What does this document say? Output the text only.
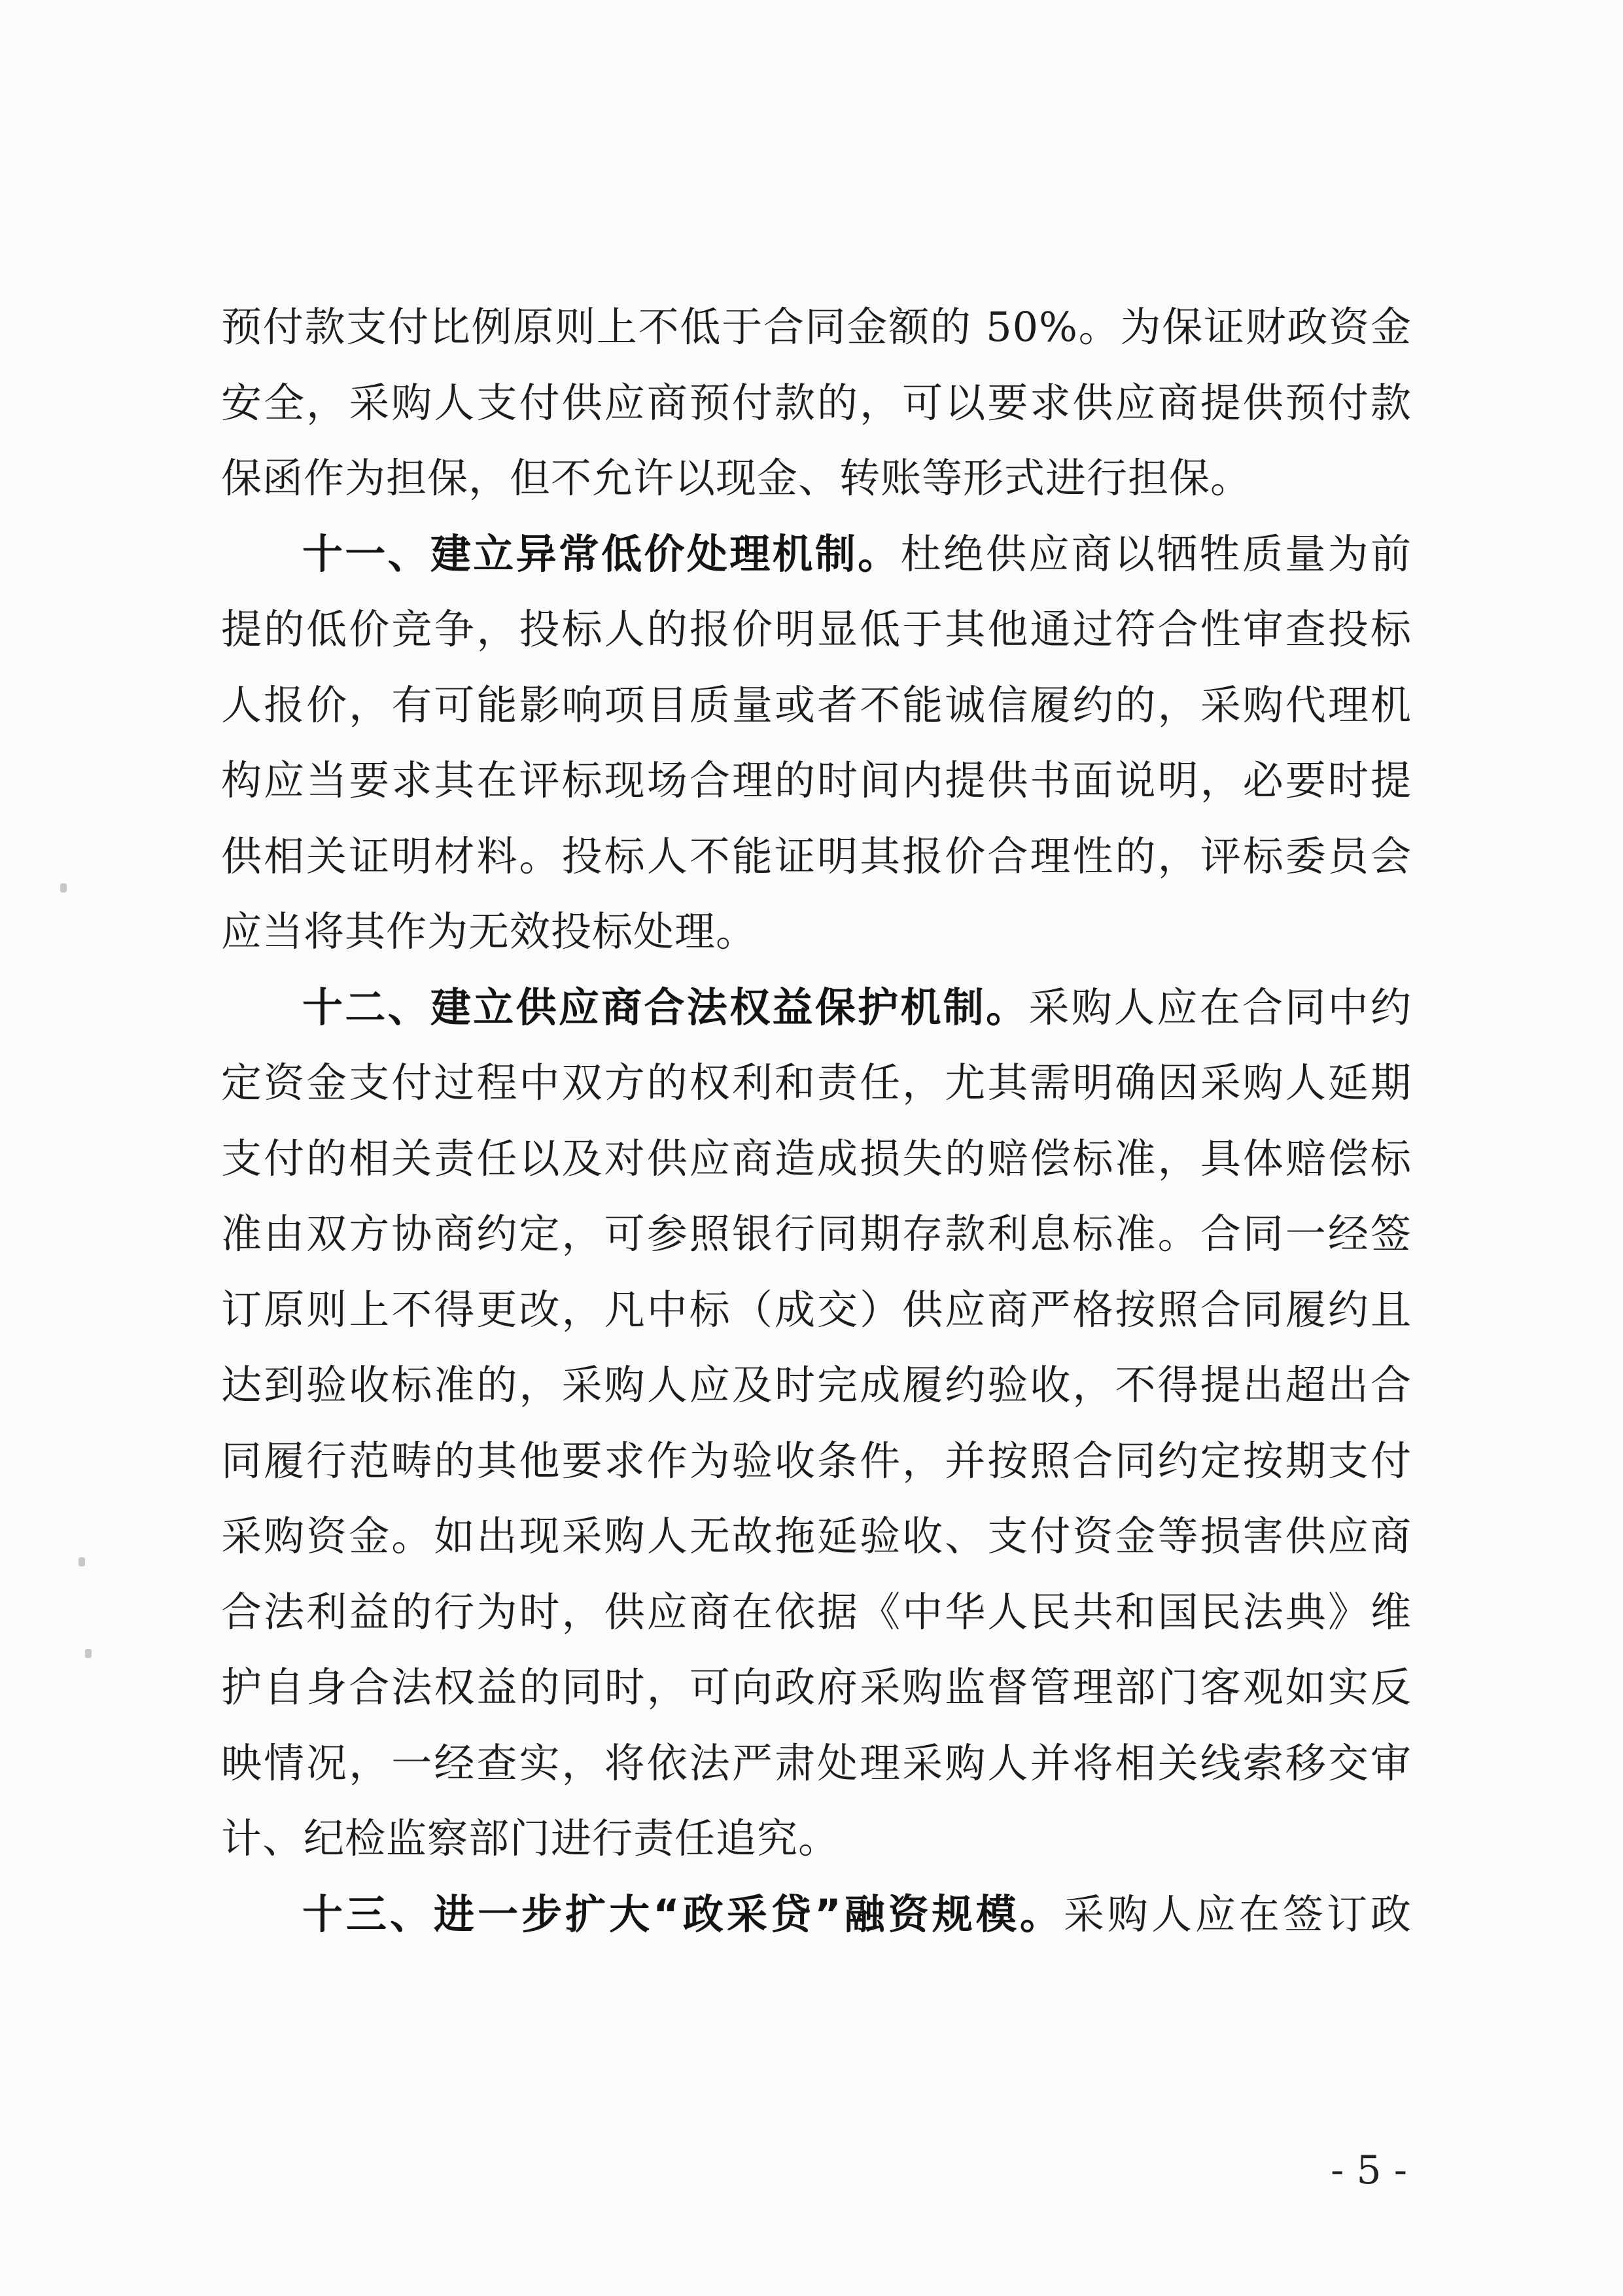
预付款支付比例原则上不低于合同金额的 50%。为保证财政资金安全，采购人支付供应商预付款的，可以要求供应商提供预付款保函作为担保，但不允许以现金、转账等形式进行担保。

十一、建立异常低价处理机制。杜绝供应商以牺牲质量为前提的低价竞争，投标人的报价明显低于其他通过符合性审查投标人报价，有可能影响项目质量或者不能诚信履约的，采购代理机构应当要求其在评标现场合理的时间内提供书面说明，必要时提供相关证明材料。投标人不能证明其报价合理性的，评标委员会应当将其作为无效投标处理。

十二、建立供应商合法权益保护机制。采购人应在合同中约定资金支付过程中双方的权利和责任，尤其需明确因采购人延期支付的相关责任以及对供应商造成损失的赔偿标准，具体赔偿标准由双方协商约定，可参照银行同期存款利息标准。合同一经签订原则上不得更改，凡中标（成交）供应商严格按照合同履约且达到验收标准的，采购人应及时完成履约验收，不得提出超出合同履行范畴的其他要求作为验收条件，并按照合同约定按期支付采购资金。如出现采购人无故拖延验收、支付资金等损害供应商合法利益的行为时，供应商在依据《中华人民共和国民法典》维护自身合法权益的同时，可向政府采购监督管理部门客观如实反映情况，一经查实，将依法严肃处理采购人并将相关线索移交审计、纪检监察部门进行责任追究。

十三、进一步扩大“政采贷”融资规模。采购人应在签订政

- 5 -
